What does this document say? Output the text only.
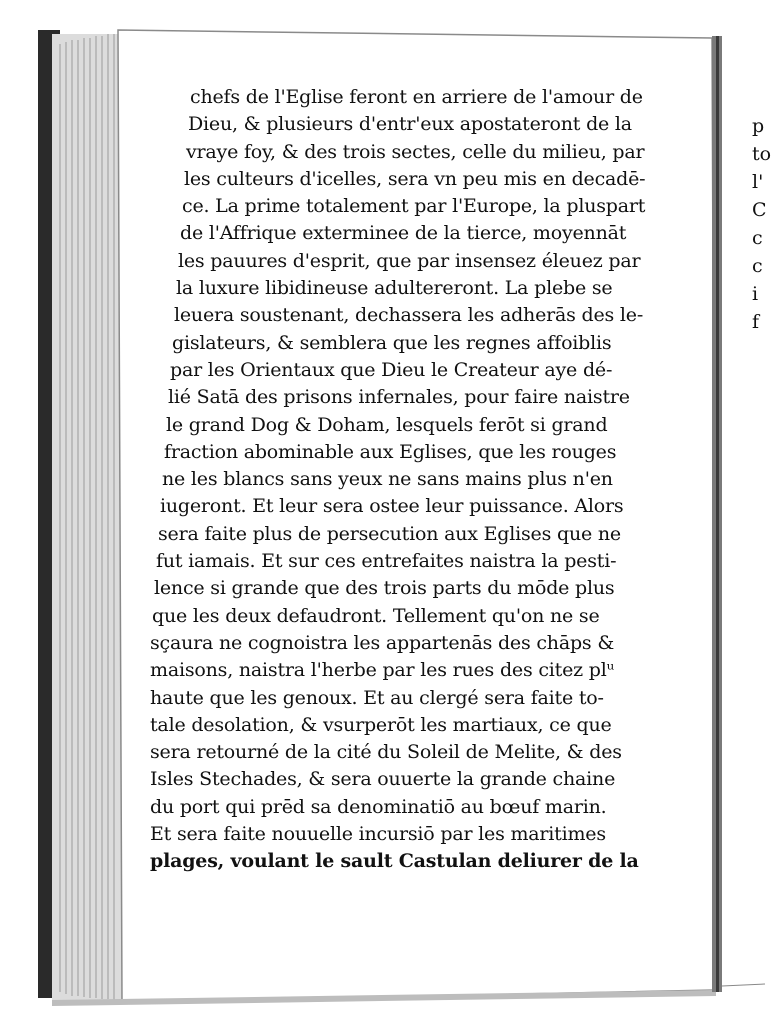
chefs de l'Eglise feront en arriere de l'amour de
Dieu, & plusieurs d'entr'eux apostateront de la
vraye foy, & des trois sectes, celle du milieu, par
les culteurs d'icelles, sera vn peu mis en decadē-
ce. La prime totalement par l'Europe, la pluspart
de l'Affrique exterminee de la tierce, moyennāt
les pauures d'esprit, que par insensez éleuez par
la luxure libidineuse adultereront. La plebe se
leuera soustenant, dechassera les adherās des le-
gislateurs, & semblera que les regnes affoiblis
par les Orientaux que Dieu le Createur aye dé-
lié Satā des prisons infernales, pour faire naistre
le grand Dog & Doham, lesquels ferōt si grand
fraction abominable aux Eglises, que les rouges
ne les blancs sans yeux ne sans mains plus n'en
iugeront. Et leur sera ostee leur puissance. Alors
sera faite plus de persecution aux Eglises que ne
fut iamais. Et sur ces entrefaites naistra la pesti-
lence si grande que des trois parts du mōde plus
que les deux defaudront. Tellement qu'on ne se
sçaura ne cognoistra les appartenās des chāps &
maisons, naistra l'herbe par les rues des citez plᵘ
haute que les genoux. Et au clergé sera faite to-
tale desolation, & vsurperōt les martiaux, ce que
sera retourné de la cité du Soleil de Melite, & des
Isles Stechades, & sera ouuerte la grande chaine
du port qui prēd sa denominatiō au bœuf marin.
Et sera faite nouuelle incursiō par les maritimes
plages, voulant le sault Castulan deliurer de la
p
to
l'
C
c
c
i
f
